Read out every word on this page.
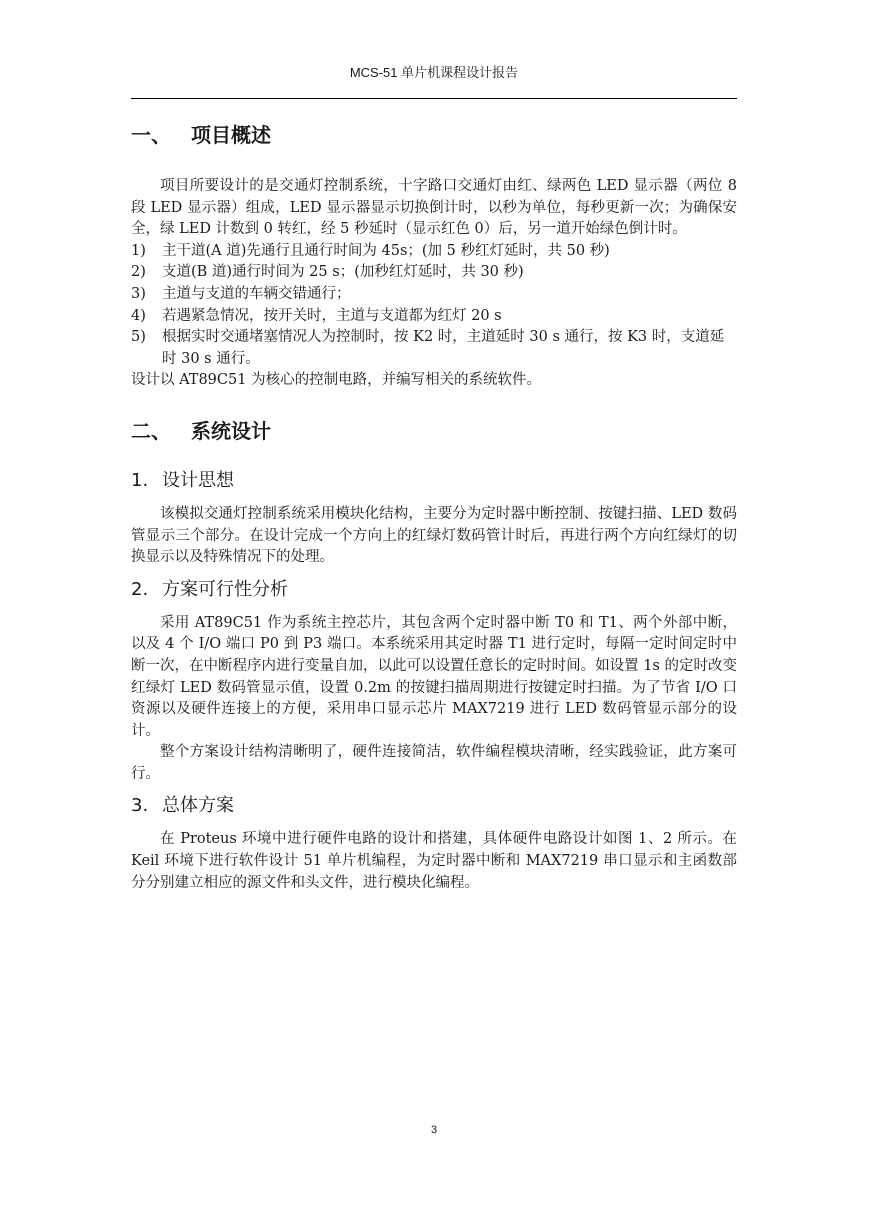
MCS-51 单片机课程设计报告
一、 项目概述

项目所要设计的是交通灯控制系统，十字路口交通灯由红、绿两色 LED 显示器（两位 8 段 LED 显示器）组成，LED 显示器显示切换倒计时，以秒为单位，每秒更新一次；为确保安全，绿 LED 计数到 0 转红，经 5 秒延时（显示红色 0）后，另一道开始绿色倒计时。

1) 主干道(A 道)先通行且通行时间为 45s；(加 5 秒红灯延时，共 50 秒)
2) 支道(B 道)通行时间为 25 s；(加秒红灯延时，共 30 秒)
3) 主道与支道的车辆交错通行；
4) 若遇紧急情况，按开关时，主道与支道都为红灯 20 s
5) 根据实时交通堵塞情况人为控制时，按 K2 时，主道延时 30 s 通行，按 K3 时，支道延时 30 s 通行。

设计以 AT89C51 为核心的控制电路，并编写相关的系统软件。

二、 系统设计
1. 设计思想

该模拟交通灯控制系统采用模块化结构，主要分为定时器中断控制、按键扫描、LED 数码管显示三个部分。在设计完成一个方向上的红绿灯数码管计时后，再进行两个方向红绿灯的切换显示以及特殊情况下的处理。

2. 方案可行性分析

采用 AT89C51 作为系统主控芯片，其包含两个定时器中断 T0 和 T1、两个外部中断，以及 4 个 I/O 端口 P0 到 P3 端口。本系统采用其定时器 T1 进行定时，每隔一定时间定时中断一次，在中断程序内进行变量自加，以此可以设置任意长的定时时间。如设置 1s 的定时改变红绿灯 LED 数码管显示值，设置 0.2m 的按键扫描周期进行按键定时扫描。为了节省 I/O 口资源以及硬件连接上的方便，采用串口显示芯片 MAX7219 进行 LED 数码管显示部分的设计。

整个方案设计结构清晰明了，硬件连接简洁，软件编程模块清晰，经实践验证，此方案可行。

3. 总体方案

在 Proteus 环境中进行硬件电路的设计和搭建，具体硬件电路设计如图 1、2 所示。在 Keil 环境下进行软件设计 51 单片机编程，为定时器中断和 MAX7219 串口显示和主函数部分分别建立相应的源文件和头文件，进行模块化编程。

3
